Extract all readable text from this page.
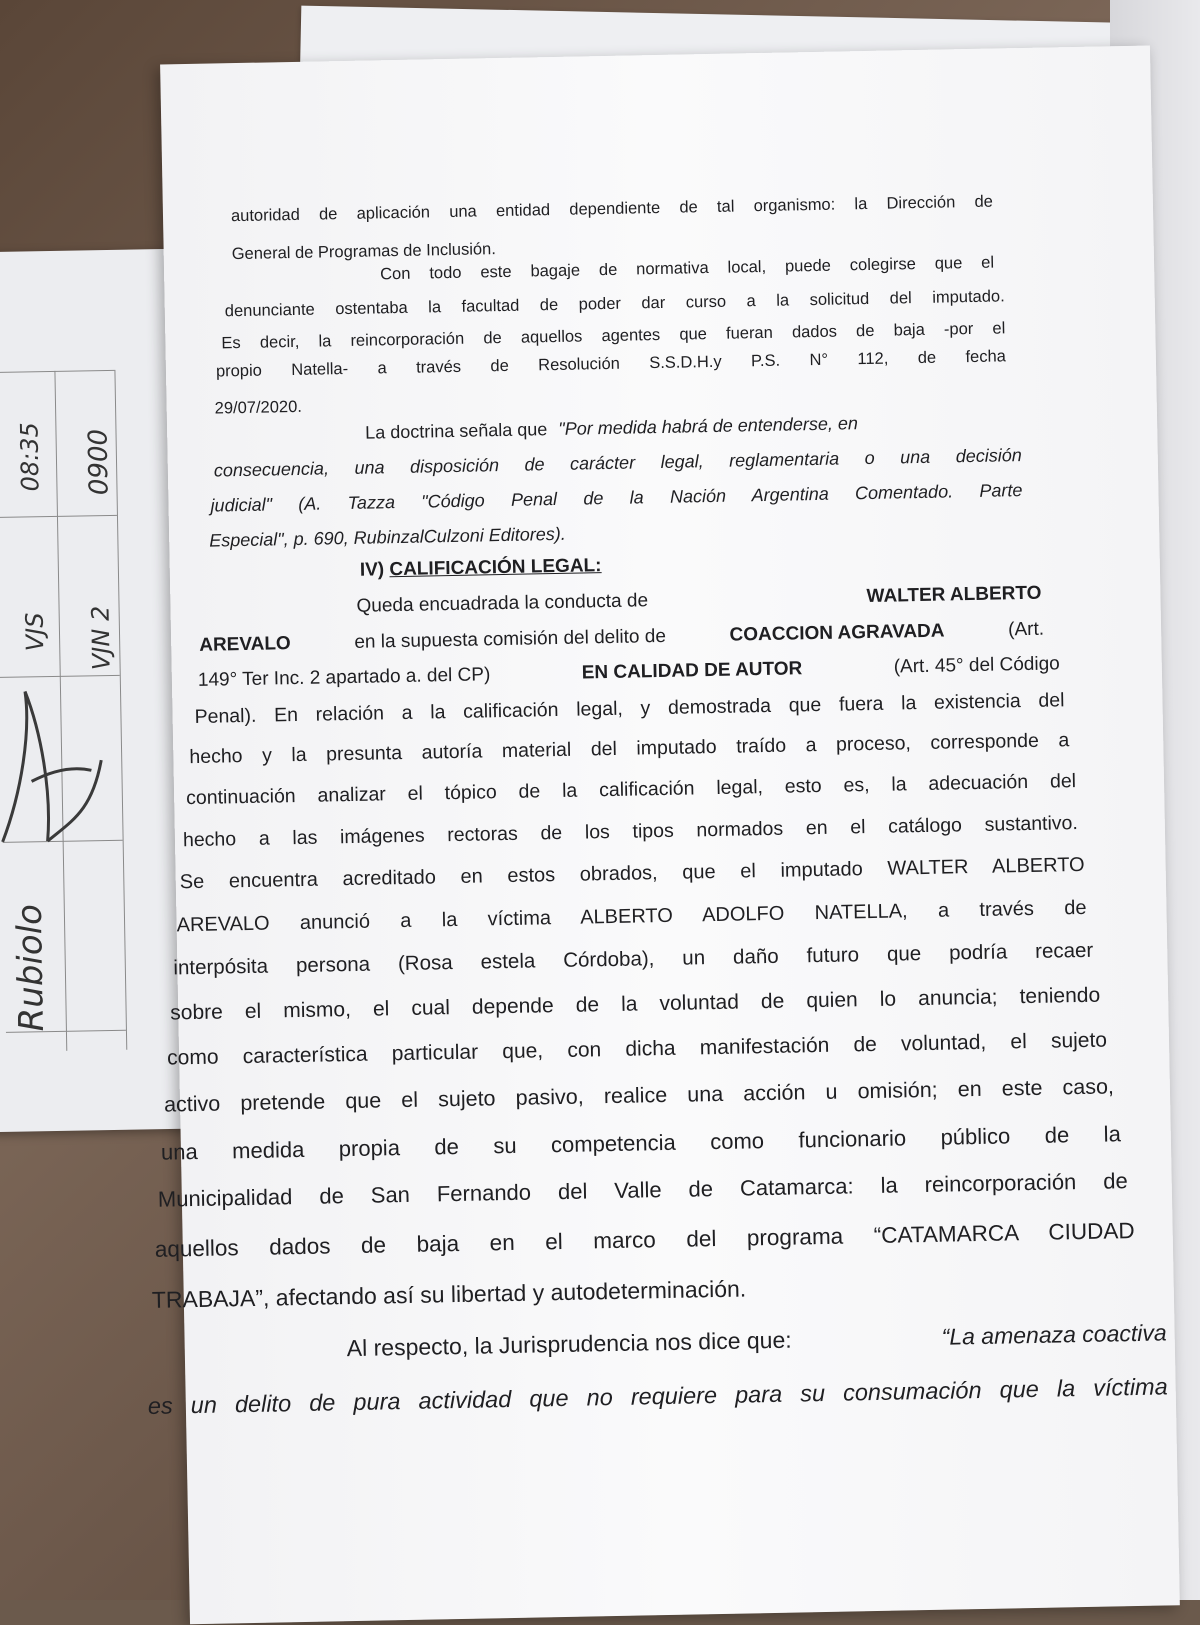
08:35 0900
VJS VJN 2
Rubiolo
autoridad de aplicación una entidad dependiente de tal organismo: la Dirección de
General de Programas de Inclusión.
Con todo este bagaje de normativa local, puede colegirse que el
denunciante ostentaba la facultad de poder dar curso a la solicitud del imputado.
Es decir, la reincorporación de aquellos agentes que fueran dados de baja -por el
propio Natella- a través de Resolución S.S.D.H.y P.S. N° 112, de fecha
29/07/2020.
La doctrina señala que "Por medida habrá de entenderse, en
consecuencia, una disposición de carácter legal, reglamentaria o una decisión
judicial" (A. Tazza "Código Penal de la Nación Argentina Comentado. Parte
Especial", p. 690, RubinzalCulzoni Editores).
IV) CALIFICACIÓN LEGAL:
Queda encuadrada la conducta de	WALTER ALBERTO
AREVALO	en la supuesta comisión del delito de	COACCION AGRAVADA	(Art.
149° Ter Inc. 2 apartado a. del CP)	EN CALIDAD DE AUTOR	(Art. 45° del Código
Penal). En relación a la calificación legal, y demostrada que fuera la existencia del
hecho y la presunta autoría material del imputado traído a proceso, corresponde a
continuación analizar el tópico de la calificación legal, esto es, la adecuación del
hecho a las imágenes rectoras de los tipos normados en el catálogo sustantivo.
Se encuentra acreditado en estos obrados, que el imputado WALTER ALBERTO
AREVALO anunció a la víctima ALBERTO ADOLFO NATELLA, a través de
interpósita persona (Rosa estela Córdoba), un daño futuro que podría recaer
sobre el mismo, el cual depende de la voluntad de quien lo anuncia; teniendo
como característica particular que, con dicha manifestación de voluntad, el sujeto
activo pretende que el sujeto pasivo, realice una acción u omisión; en este caso,
una medida propia de su competencia como funcionario público de la
Municipalidad de San Fernando del Valle de Catamarca: la reincorporación de
aquellos dados de baja en el marco del programa “CATAMARCA CIUDAD
TRABAJA”, afectando así su libertad y autodeterminación.
Al respecto, la Jurisprudencia nos dice que:	“La amenaza coactiva
es un delito de pura actividad que no requiere para su consumación que la víctima
